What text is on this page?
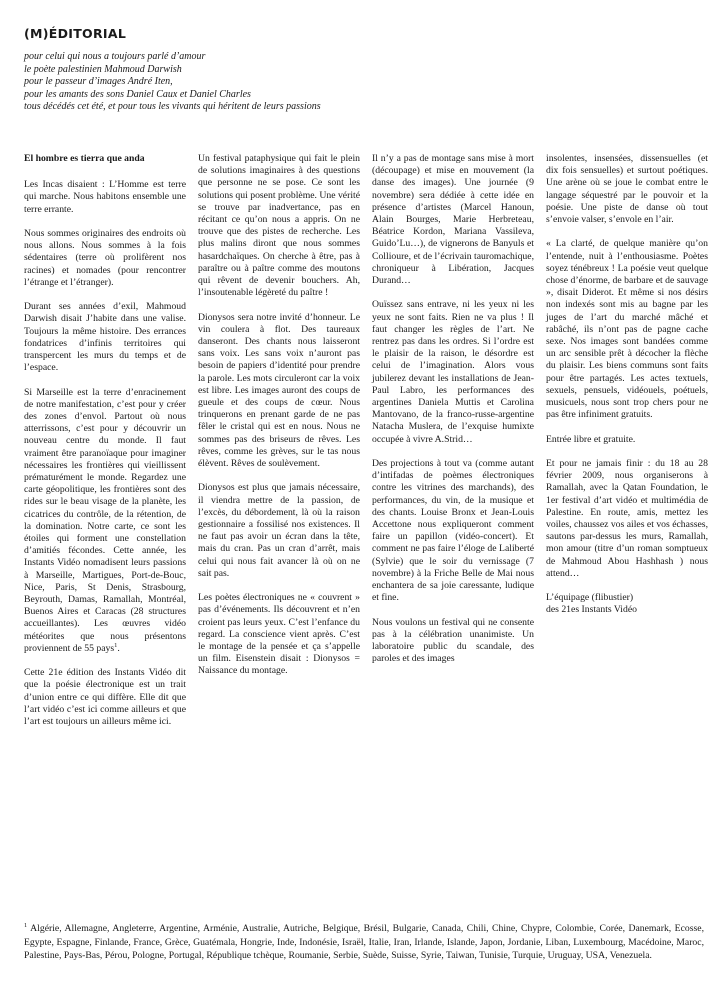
(M)ÉDITORIAL

pour celui qui nous a toujours parlé d’amour

le poète palestinien Mahmoud Darwish

pour le passeur d’images André Iten,

pour les amants des sons Daniel Caux et Daniel Charles

tous décédés cet été, et pour tous les vivants qui héritent de leurs passions

El hombre es tierra que anda

Les Incas disaient : L’Homme est terre qui marche. Nous habitons ensemble une terre errante.

Nous sommes originaires des endroits où nous allons. Nous sommes à la fois sédentaires (terre où prolifèrent nos racines) et nomades (pour rencontrer l’étrange et l’étranger).

Durant ses années d’exil, Mahmoud Darwish disait J’habite dans une valise. Toujours la même histoire. Des errances fondatrices d’infinis territoires qui transpercent les murs du temps et de l’espace.

Si Marseille est la terre d’enracinement de notre manifestation, c’est pour y créer des zones d’envol. Partout où nous atterrissons, c’est pour y découvrir un nouveau centre du monde. Il faut vraiment être paranoïaque pour imaginer nécessaires les frontières qui vieillissent prématurément le monde. Regardez une carte géopolitique, les frontières sont des rides sur le beau visage de la planète, les cicatrices du contrôle, de la rétention, de la domination. Notre carte, ce sont les étoiles qui forment une constellation d’amitiés fécondes. Cette année, les Instants Vidéo nomadisent leurs passions à Marseille, Martigues, Port-de-Bouc, Nice, Paris, St Denis, Strasbourg, Beyrouth, Damas, Ramallah, Montréal, Buenos Aires et Caracas (28 structures accueillantes). Les œuvres vidéo météorites que nous présentons proviennent de 55 pays$^1$.

Cette 21e édition des Instants Vidéo dit que la poésie électronique est un trait d’union entre ce qui diffère. Elle dit que l’art vidéo c’est ici comme ailleurs et que l’art est toujours un ailleurs même ici.

Un festival pataphysique qui fait le plein de solutions imaginaires à des questions que personne ne se pose. Ce sont les solutions qui posent problème. Une vérité se trouve par inadvertance, pas en récitant ce qu’on nous a appris. On ne trouve que des pistes de recherche. Les plus malins diront que nous sommes hasardchaïques. On cherche à être, pas à paraître ou à paître comme des moutons qui rêvent de devenir bouchers. Ah, l’insoutenable légèreté du paître !

Dionysos sera notre invité d’honneur. Le vin coulera à flot. Des taureaux danseront. Des chants nous laisseront sans voix. Les sans voix n’auront pas besoin de papiers d’identité pour prendre la parole. Les mots circuleront car la voix est libre. Les images auront des coups de gueule et des coups de cœur. Nous trinquerons en prenant garde de ne pas fêler le cristal qui est en nous. Nous ne sommes pas des briseurs de rêves. Les rêves, comme les grèves, sur le tas nous élèvent. Rêves de soulèvement.

Dionysos est plus que jamais nécessaire, il viendra mettre de la passion, de l’excès, du débordement, là où la raison gestionnaire a fossilisé nos existences. Il ne faut pas avoir un écran dans la tête, mais du cran. Pas un cran d’arrêt, mais celui qui nous fait avancer là où on ne sait pas.

Les poètes électroniques ne « couvrent » pas d’événements. Ils découvrent et n’en croient pas leurs yeux. C’est l’enfance du regard. La conscience vient après. C’est le montage de la pensée et ça s’appelle un film. Eisenstein disait : Dionysos = Naissance du montage.

Il n’y a pas de montage sans mise à mort (découpage) et mise en mouvement (la danse des images). Une journée (9 novembre) sera dédiée à cette idée en présence d’artistes (Marcel Hanoun, Alain Bourges, Marie Herbreteau, Béatrice Kordon, Mariana Vassileva, Guido’Lu…), de vignerons de Banyuls et Collioure, et de l’écrivain tauromachique, chroniqueur à Libération, Jacques Durand…

Ouïssez sans entrave, ni les yeux ni les yeux ne sont faits. Rien ne va plus ! Il faut changer les règles de l’art. Ne rentrez pas dans les ordres. Si l’ordre est le plaisir de la raison, le désordre est celui de l’imagination. Alors vous jubilerez devant les installations de Jean-Paul Labro, les performances des argentines Daniela Muttis et Carolina Mantovano, de la franco-russe-argentine Natacha Muslera, de l’exquise humixte occupée à vivre A.Strid…

Des projections à tout va (comme autant d’intifadas de poèmes électroniques contre les vitrines des marchands), des performances, du vin, de la musique et des chants. Louise Bronx et Jean-Louis Accettone nous expliqueront comment faire un papillon (vidéo-concert). Et comment ne pas faire l’éloge de Laliberté (Sylvie) que le soir du vernissage (7 novembre) à la Friche Belle de Mai nous enchantera de sa joie caressante, ludique et fine.

Nous voulons un festival qui ne consente pas à la célébration unanimiste. Un laboratoire public du scandale, des paroles et des images

insolentes, insensées, dissensuelles (et dix fois sensuelles) et surtout poétiques. Une arène où se joue le combat entre le langage séquestré par le pouvoir et la poésie. Une piste de danse où tout s’envoie valser, s’envole en l’air.

« La clarté, de quelque manière qu’on l’entende, nuit à l’enthousiasme. Poètes soyez ténébreux ! La poésie veut quelque chose d’énorme, de barbare et de sauvage », disait Diderot. Et même si nos désirs non indexés sont mis au bagne par les juges de l’art du marché mâché et rabâché, ils n’ont pas de pagne cache sexe. Nos images sont bandées comme un arc sensible prêt à décocher la flèche du plaisir. Les biens communs sont faits pour être partagés. Les actes textuels, sexuels, pensuels, vidéouels, poétuels, musicuels, nous sont trop chers pour ne pas être infiniment gratuits.

Entrée libre et gratuite.

Et pour ne jamais finir : du 18 au 28 février 2009, nous organiserons à Ramallah, avec la Qatan Foundation, le 1er festival d’art vidéo et multimédia de Palestine. En route, amis, mettez les voiles, chaussez vos ailes et vos échasses, sautons par-dessus les murs, Ramallah, mon amour (titre d’un roman somptueux de Mahmoud Abou Hashhash ) nous attend…

L’équipage (flibustier)

des 21es Instants Vidéo

$^1$ Algérie, Allemagne, Angleterre, Argentine, Arménie, Australie, Autriche, Belgique, Brésil, Bulgarie, Canada, Chili, Chine, Chypre, Colombie, Corée, Danemark, Ecosse, Egypte, Espagne, Finlande, France, Grèce, Guatémala, Hongrie, Inde, Indonésie, Israël, Italie, Iran, Irlande, Islande, Japon, Jordanie, Liban, Luxembourg, Macédoine, Maroc, Palestine, Pays-Bas, Pérou, Pologne, Portugal, République tchèque, Roumanie, Serbie, Suède, Suisse, Syrie, Taiwan, Tunisie, Turquie, Uruguay, USA, Venezuela.
